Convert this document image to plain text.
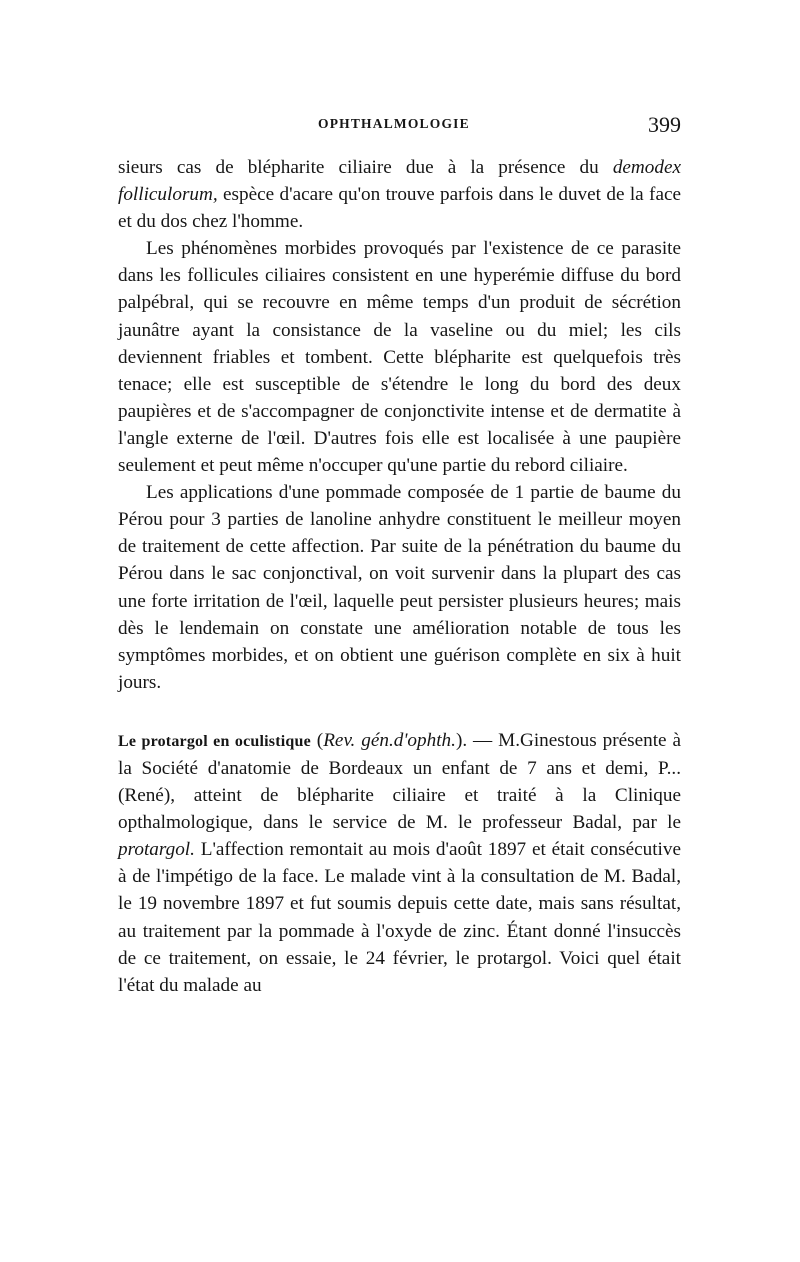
OPHTHALMOLOGIE	399

sieurs cas de blépharite ciliaire due à la présence du demodex folliculorum, espèce d'acare qu'on trouve parfois dans le duvet de la face et du dos chez l'homme.

Les phénomènes morbides provoqués par l'existence de ce parasite dans les follicules ciliaires consistent en une hyperémie diffuse du bord palpébral, qui se recouvre en même temps d'un produit de sécrétion jaunâtre ayant la consistance de la vaseline ou du miel; les cils deviennent friables et tombent. Cette blépharite est quelquefois très tenace; elle est susceptible de s'étendre le long du bord des deux paupières et de s'accompagner de conjonctivite intense et de dermatite à l'angle externe de l'œil. D'autres fois elle est localisée à une paupière seulement et peut même n'occuper qu'une partie du rebord ciliaire.

Les applications d'une pommade composée de 1 partie de baume du Pérou pour 3 parties de lanoline anhydre constituent le meilleur moyen de traitement de cette affection. Par suite de la pénétration du baume du Pérou dans le sac conjonctival, on voit survenir dans la plupart des cas une forte irritation de l'œil, laquelle peut persister plusieurs heures; mais dès le lendemain on constate une amélioration notable de tous les symptômes morbides, et on obtient une guérison complète en six à huit jours.

Le protargol en oculistique (Rev. gén.d'ophth.). — M.Ginestous présente à la Société d'anatomie de Bordeaux un enfant de 7 ans et demi, P... (René), atteint de blépharite ciliaire et traité à la Clinique opthalmologique, dans le service de M. le professeur Badal, par le protargol. L'affection remontait au mois d'août 1897 et était consécutive à de l'impétigo de la face. Le malade vint à la consultation de M. Badal, le 19 novembre 1897 et fut soumis depuis cette date, mais sans résultat, au traitement par la pommade à l'oxyde de zinc. Étant donné l'insuccès de ce traitement, on essaie, le 24 février, le protargol. Voici quel était l'état du malade au
